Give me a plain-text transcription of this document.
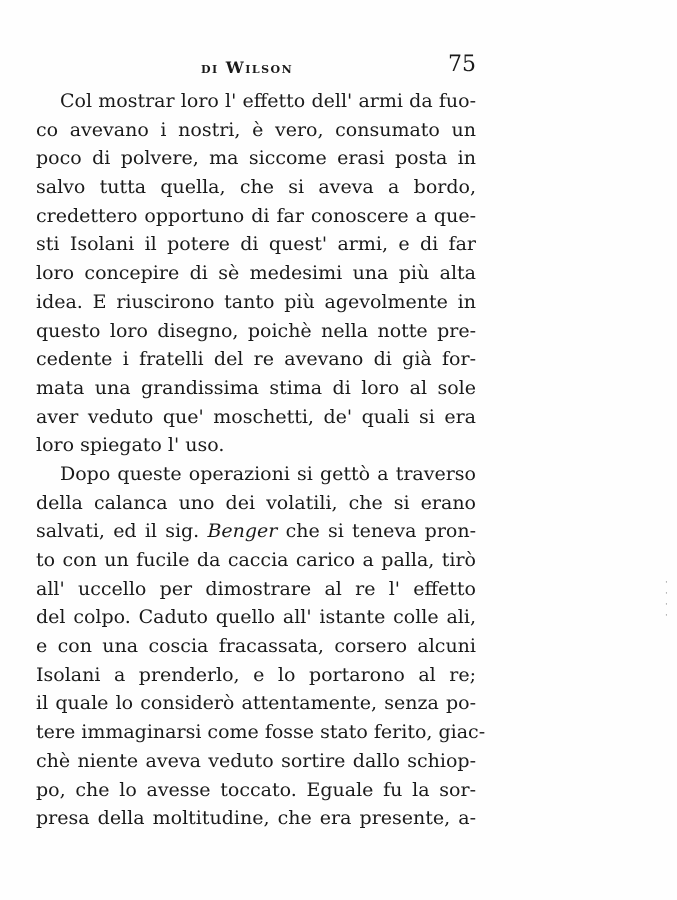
di Wilson	75
Col mostrar loro l' effetto dell' armi da fuo-
co avevano i nostri, è vero, consumato un
poco di polvere, ma siccome erasi posta in
salvo tutta quella, che si aveva a bordo,
credettero opportuno di far conoscere a que-
sti Isolani il potere di quest' armi, e di far
loro concepire di sè medesimi una più alta
idea. E riuscirono tanto più agevolmente in
questo loro disegno, poichè nella notte pre-
cedente i fratelli del re avevano di già for-
mata una grandissima stima di loro al sole
aver veduto que' moschetti, de' quali si era
loro spiegato l' uso.
Dopo queste operazioni si gettò a traverso
della calanca uno dei volatili, che si erano
salvati, ed il sig. Benger che si teneva pron-
to con un fucile da caccia carico a palla, tirò
all' uccello per dimostrare al re l' effetto
del colpo. Caduto quello all' istante colle ali,
e con una coscia fracassata, corsero alcuni
Isolani a prenderlo, e lo portarono al re;
il quale lo considerò attentamente, senza po-
tere immaginarsi come fosse stato ferito, giac-
chè niente aveva veduto sortire dallo schiop-
po, che lo avesse toccato. Eguale fu la sor-
presa della moltitudine, che era presente, a-
·
·
·
·
